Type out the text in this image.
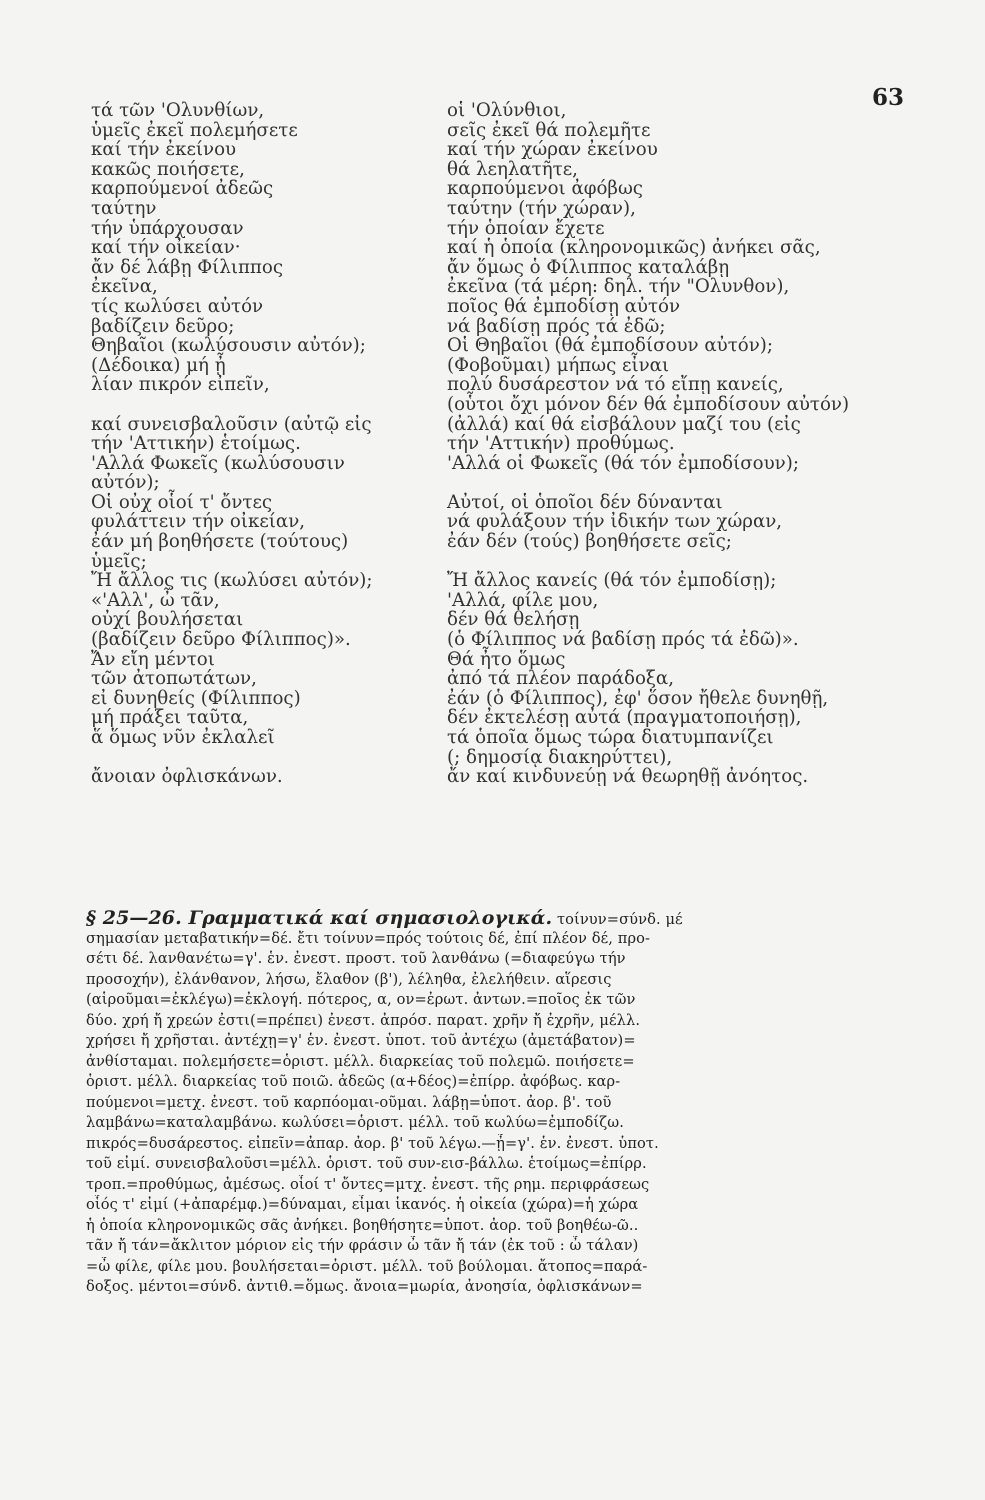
63
τά τῶν 'Ολυνθίων,
ὑμεῖς ἐκεῖ πολεμήσετε
καί τήν ἐκείνου
κακῶς ποιήσετε,
καρπούμενοί ἀδεῶς
ταύτην
τήν ὑπάρχουσαν
καί τήν οἰκείαν·
ἄν δέ λάβῃ Φίλιππος
ἐκεῖνα,
τίς κωλύσει αὐτόν
βαδίζειν δεῦρο;
Θηβαῖοι (κωλύσουσιν αὐτόν);
(Δέδοικα) μή ᾖ
λίαν πικρόν εἰπεῖν,
καί συνεισβαλοῦσιν (αὐτῷ εἰς
τήν 'Αττικήν) ἑτοίμως.
'Αλλά Φωκεῖς (κωλύσουσιν
αὐτόν);
Οἱ οὐχ οἷοί τ' ὄντες
φυλάττειν τήν οἰκείαν,
ἐάν μή βοηθήσετε (τούτους)
ὑμεῖς;
Ἤ ἄλλος τις (κωλύσει αὐτόν);
«'Αλλ', ὦ τᾶν,
οὐχί βουλήσεται
(βαδίζειν δεῦρο Φίλιππος)».
Ἄν εἴη μέντοι
τῶν ἀτοπωτάτων,
εἰ δυνηθείς (Φίλιππος)
μή πράξει ταῦτα,
ἅ ὅμως νῦν ἐκλαλεῖ
ἄνοιαν ὀφλισκάνων.
οἱ 'Ολύνθιοι,
σεῖς ἐκεῖ θά πολεμῆτε
καί τήν χώραν ἐκείνου
θά λεηλατῆτε,
καρπούμενοι ἀφόβως
ταύτην (τήν χώραν),
τήν ὁποίαν ἔχετε
καί ἡ ὁποία (κληρονομικῶς) ἀνήκει σᾶς,
ἄν ὅμως ὁ Φίλιππος καταλάβῃ
ἐκεῖνα (τά μέρη: δηλ. τήν "Ολυνθον),
ποῖος θά ἐμποδίσῃ αὐτόν
νά βαδίσῃ πρός τά ἐδῶ;
Οἱ Θηβαῖοι (θά ἐμποδίσουν αὐτόν);
(Φοβοῦμαι) μήπως εἶναι
πολύ δυσάρεστον νά τό εἴπῃ κανείς,
(οὗτοι ὄχι μόνον δέν θά ἐμποδίσουν αὐτόν)
(ἀλλά) καί θά εἰσβάλουν μαζί του (εἰς
τήν 'Αττικήν) προθύμως.
'Αλλά οἱ Φωκεῖς (θά τόν ἐμποδίσουν);
Αὐτοί, οἱ ὁποῖοι δέν δύνανται
νά φυλάξουν τήν ἰδικήν των χώραν,
ἐάν δέν (τούς) βοηθήσετε σεῖς;
Ἤ ἄλλος κανείς (θά τόν ἐμποδίσῃ);
'Αλλά, φίλε μου,
δέν θά θελήσῃ
(ὁ Φίλιππος νά βαδίσῃ πρός τά ἐδῶ)».
Θά ἦτο ὅμως
ἀπό τά πλέον παράδοξα,
ἐάν (ὁ Φίλιππος), ἐφ' ὅσον ἤθελε δυνηθῇ,
δέν ἐκτελέσῃ αὐτά (πραγματοποιήσῃ),
τά ὁποῖα ὅμως τώρα διατυμπανίζει
(; δημοσίᾳ διακηρύττει),
ἄν καί κινδυνεύῃ νά θεωρηθῇ ἀνόητος.
§ 25—26. Γραμματικά καί σημασιολογικά. τοίνυν=σύνδ. μέ
σημασίαν μεταβατικήν=δέ. ἔτι τοίνυν=πρός τούτοις δέ, ἐπί πλέον δέ, προ-
σέτι δέ. λανθανέτω=γ'. ἑν. ἐνεστ. προστ. τοῦ λανθάνω (=διαφεύγω τήν
προσοχήν), ἐλάνθανον, λήσω, ἔλαθον (β'), λέληθα, ἐλελήθειν. αἵρεσις
(αἱροῦμαι=ἐκλέγω)=ἐκλογή. πότερος, α, ον=ἐρωτ. ἀντων.=ποῖος ἐκ τῶν
δύο. χρή ἤ χρεών ἐστι(=πρέπει) ἐνεστ. ἀπρόσ. παρατ. χρῆν ἤ ἐχρῆν, μέλλ.
χρήσει ἤ χρῆσται. ἀντέχῃ=γ' ἑν. ἐνεστ. ὑποτ. τοῦ ἀντέχω (ἀμετάβατον)=
ἀνθίσταμαι. πολεμήσετε=ὁριστ. μέλλ. διαρκείας τοῦ πολεμῶ. ποιήσετε=
ὁριστ. μέλλ. διαρκείας τοῦ ποιῶ. ἀδεῶς (α+δέος)=ἐπίρρ. ἀφόβως. καρ-
πούμενοι=μετχ. ἐνεστ. τοῦ καρπόομαι-οῦμαι. λάβῃ=ὑποτ. ἀορ. β'. τοῦ
λαμβάνω=καταλαμβάνω. κωλύσει=ὁριστ. μέλλ. τοῦ κωλύω=ἐμποδίζω.
πικρός=δυσάρεστος. εἰπεῖν=ἀπαρ. ἀορ. β' τοῦ λέγω.—ᾖ=γ'. ἑν. ἐνεστ. ὑποτ.
τοῦ εἰμί. συνεισβαλοῦσι=μέλλ. ὁριστ. τοῦ συν-εισ-βάλλω. ἑτοίμως=ἐπίρρ.
τροπ.=προθύμως, ἀμέσως. οἷοί τ' ὄντες=μτχ. ἐνεστ. τῆς ρημ. περιφράσεως
οἷός τ' εἰμί (+ἀπαρέμφ.)=δύναμαι, εἶμαι ἱκανός. ἡ οἰκεία (χώρα)=ἡ χώρα
ἡ ὁποία κληρονομικῶς σᾶς ἀνήκει. βοηθήσητε=ὑποτ. ἀορ. τοῦ βοηθέω-ῶ..
τᾶν ἤ τάν=ἄκλιτον μόριον εἰς τήν φράσιν ὦ τᾶν ἤ τάν (ἐκ τοῦ : ὦ τάλαν)
=ὦ φίλε, φίλε μου. βουλήσεται=ὁριστ. μέλλ. τοῦ βούλομαι. ἄτοπος=παρά-
δοξος. μέντοι=σύνδ. ἀντιθ.=ὅμως. ἄνοια=μωρία, ἀνοησία, ὀφλισκάνων=
